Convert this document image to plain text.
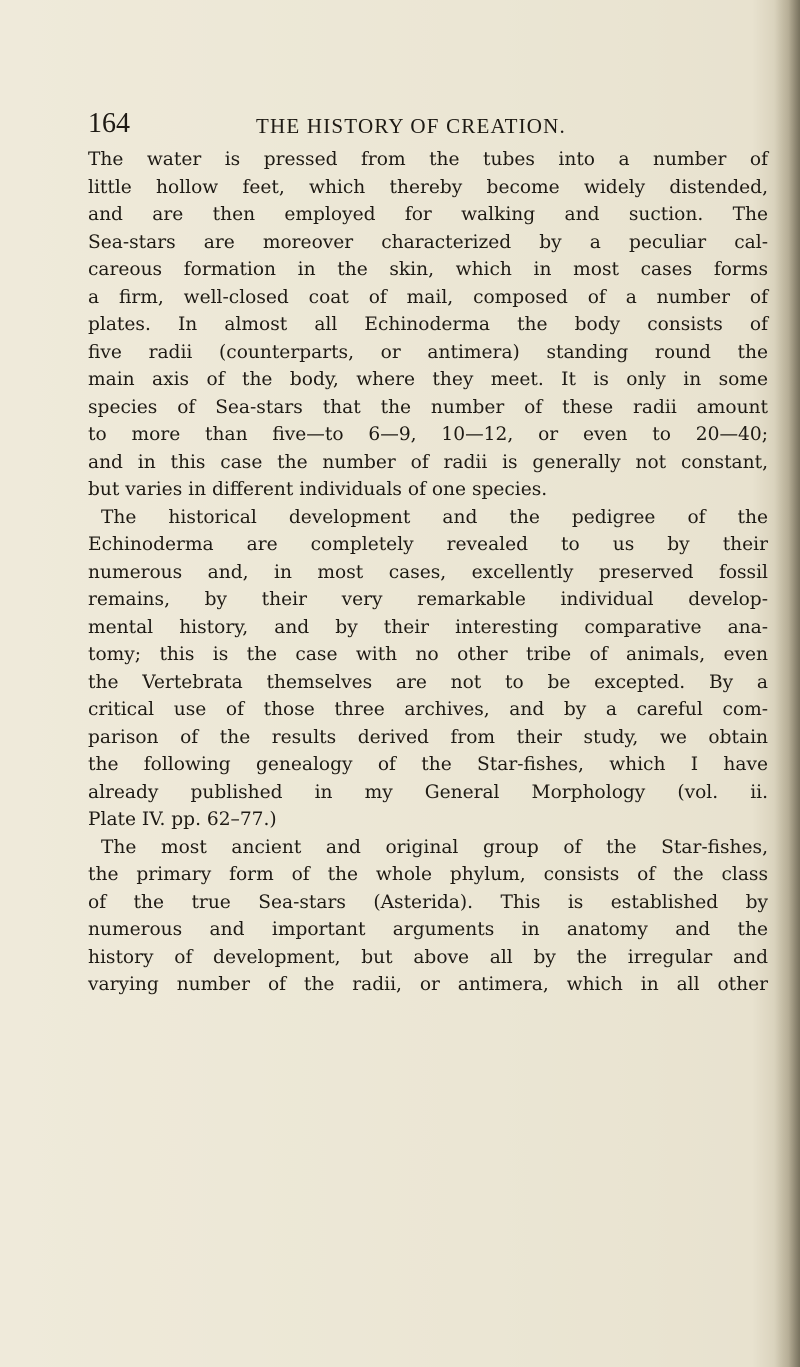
164	THE HISTORY OF CREATION.
The water is pressed from the tubes into a number of
little hollow feet, which thereby become widely distended,
and are then employed for walking and suction. The
Sea-stars are moreover characterized by a peculiar cal-
careous formation in the skin, which in most cases forms
a firm, well-closed coat of mail, composed of a number of
plates. In almost all Echinoderma the body consists of
five radii (counterparts, or antimera) standing round the
main axis of the body, where they meet. It is only in some
species of Sea-stars that the number of these radii amount
to more than five—to 6—9, 10—12, or even to 20—40;
and in this case the number of radii is generally not constant,
but varies in different individuals of one species.
The historical development and the pedigree of the
Echinoderma are completely revealed to us by their
numerous and, in most cases, excellently preserved fossil
remains, by their very remarkable individual develop-
mental history, and by their interesting comparative ana-
tomy; this is the case with no other tribe of animals, even
the Vertebrata themselves are not to be excepted. By a
critical use of those three archives, and by a careful com-
parison of the results derived from their study, we obtain
the following genealogy of the Star-fishes, which I have
already published in my General Morphology (vol. ii.
Plate IV. pp. 62–77.)
The most ancient and original group of the Star-fishes,
the primary form of the whole phylum, consists of the class
of the true Sea-stars (Asterida). This is established by
numerous and important arguments in anatomy and the
history of development, but above all by the irregular and
varying number of the radii, or antimera, which in all other
